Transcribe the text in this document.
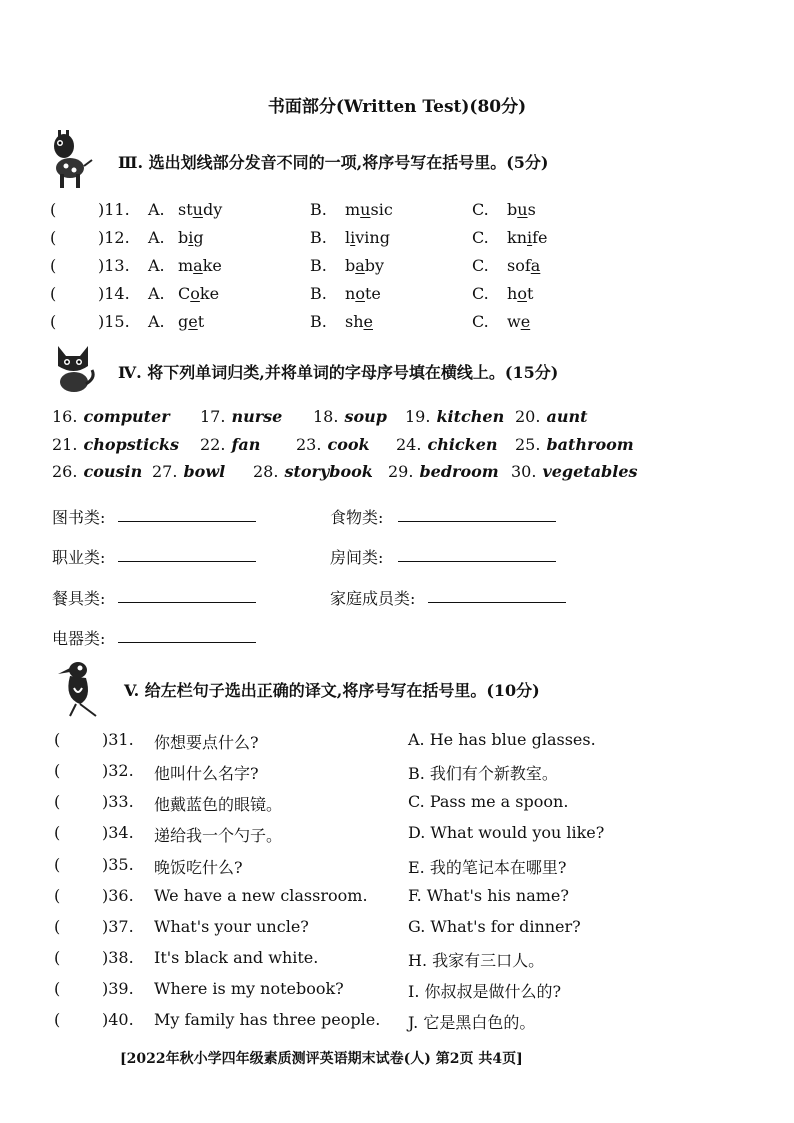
书面部分(Written Test)(80分)
Ⅲ. 选出划线部分发音不同的一项,将序号写在括号里。(5分)
(	)11. A. study	B. music	C. bus
(	)12. A. big	B. living	C. knife
(	)13. A. make	B. baby	C. sofa
(	)14. A. Coke	B. note	C. hot
(	)15. A. get	B. she	C. we
Ⅳ. 将下列单词归类,并将单词的字母序号填在横线上。(15分)
16. computer 17. nurse 18. soup 19. kitchen 20. aunt
21. chopsticks 22. fan 23. cook 24. chicken 25. bathroom
26. cousin 27. bowl 28. storybook 29. bedroom 30. vegetables
图书类:	食物类:
职业类:	房间类:
餐具类:	家庭成员类:
电器类:
V. 给左栏句子选出正确的译文,将序号写在括号里。(10分)
(	)31. 你想要点什么?	A. He has blue glasses.
(	)32. 他叫什么名字?	B. 我们有个新教室。
(	)33. 他戴蓝色的眼镜。	C. Pass me a spoon.
(	)34. 递给我一个勺子。	D. What would you like?
(	)35. 晚饭吃什么?	E. 我的笔记本在哪里?
(	)36. We have a new classroom.	F. What's his name?
(	)37. What's your uncle?	G. What's for dinner?
(	)38. It's black and white.	H. 我家有三口人。
(	)39. Where is my notebook?	I. 你叔叔是做什么的?
(	)40. My family has three people. J. 它是黑白色的。
[2022年秋小学四年级素质测评英语期末试卷(人) 第2页 共4页]
